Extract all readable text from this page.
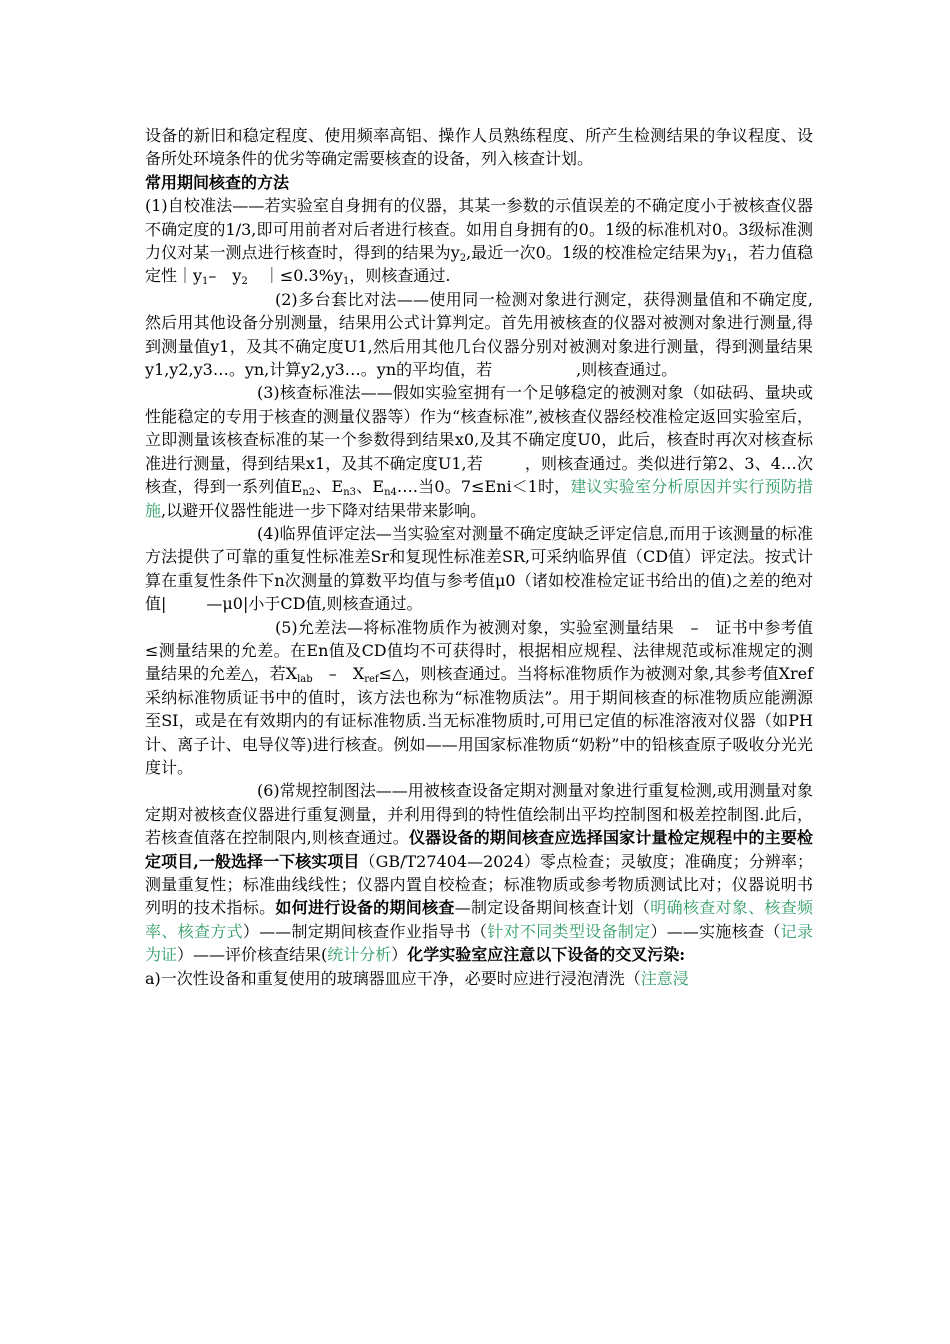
设备的新旧和稳定程度、使用频率高铝、操作人员熟练程度、所产生检测结果的争议程度、设备所处环境条件的优劣等确定需要核查的设备，列入核查计划。

常用期间核查的方法

(1)自校准法——若实验室自身拥有的仪器，其某一参数的示值误差的不确定度小于被核查仪器不确定度的1/3,即可用前者对后者进行核查。如用自身拥有的0。1级的标准机对0。3级标准测力仪对某一测点进行核查时，得到的结果为$y_2$,最近一次0。1级的校准检定结果为$y_1$，若力值稳定性$|y_1-$　$y_2$　$|\le 0.3\%y_1$，则核查通过.

(2)多台套比对法——使用同一检测对象进行测定，获得测量值和不确定度,然后用其他设备分别测量，结果用公式计算判定。首先用被核查的仪器对被测对象进行测量,得到测量值y1，及其不确定度U1,然后用其他几台仪器分别对被测对象进行测量，得到测量结果y1,y2,y3…。yn,计算y2,y3…。yn的平均值，若	,则核查通过。

(3)核查标准法——假如实验室拥有一个足够稳定的被测对象（如砝码、量块或性能稳定的专用于核查的测量仪器等）作为“核查标准”,被核查仪器经校准检定返回实验室后，立即测量该核查标准的某一个参数得到结果x0,及其不确定度U0，此后，核查时再次对核查标准进行测量，得到结果x1，及其不确定度U1,若	，则核查通过。类似进行第2、3、4…次核查，得到一系列值$E_{n2}$、$E_{n3}$、$E_{n4}\dots$.当0。7≤Eni＜1时，建议实验室分析原因并实行预防措施,以避开仪器性能进一步下降对结果带来影响。

(4)临界值评定法—当实验室对测量不确定度缺乏评定信息,而用于该测量的标准方法提供了可靠的重复性标准差Sr和复现性标准差SR,可采纳临界值（CD值）评定法。按式计算在重复性条件下n次测量的算数平均值与参考值μ0（诸如校准检定证书给出的值)之差的绝对值|	—μ0|小于CD值,则核查通过。

(5)允差法—将标准物质作为被测对象，实验室测量结果　–　证书中参考值≤测量结果的允差。在En值及CD值均不可获得时，根据相应规程、法律规范或标准规定的测量结果的允差△，若$X_{lab}$　–　$X_{ref}\le\triangle$，则核查通过。当将标准物质作为被测对象,其参考值Xref采纳标准物质证书中的值时，该方法也称为“标准物质法”。用于期间核查的标准物质应能溯源至SI，或是在有效期内的有证标准物质.当无标准物质时,可用已定值的标准溶液对仪器（如PH计、离子计、电导仪等)进行核查。例如——用国家标准物质“奶粉”中的铅核查原子吸收分光光度计。

(6)常规控制图法——用被核查设备定期对测量对象进行重复检测,或用测量对象定期对被核查仪器进行重复测量，并利用得到的特性值绘制出平均控制图和极差控制图.此后，若核查值落在控制限内,则核查通过。仪器设备的期间核查应选择国家计量检定规程中的主要检定项目,一般选择一下核实项目（GB/T27404—2024）零点检查；灵敏度；准确度；分辨率；测量重复性；标准曲线线性；仪器内置自校检查；标准物质或参考物质测试比对；仪器说明书列明的技术指标。如何进行设备的期间核查—制定设备期间核查计划（明确核查对象、核查频率、核查方式）——制定期间核查作业指导书（针对不同类型设备制定）——实施核查（记录为证）——评价核查结果(统计分析）化学实验室应注意以下设备的交叉污染:

a)一次性设备和重复使用的玻璃器皿应干净，必要时应进行浸泡清洗（注意浸
